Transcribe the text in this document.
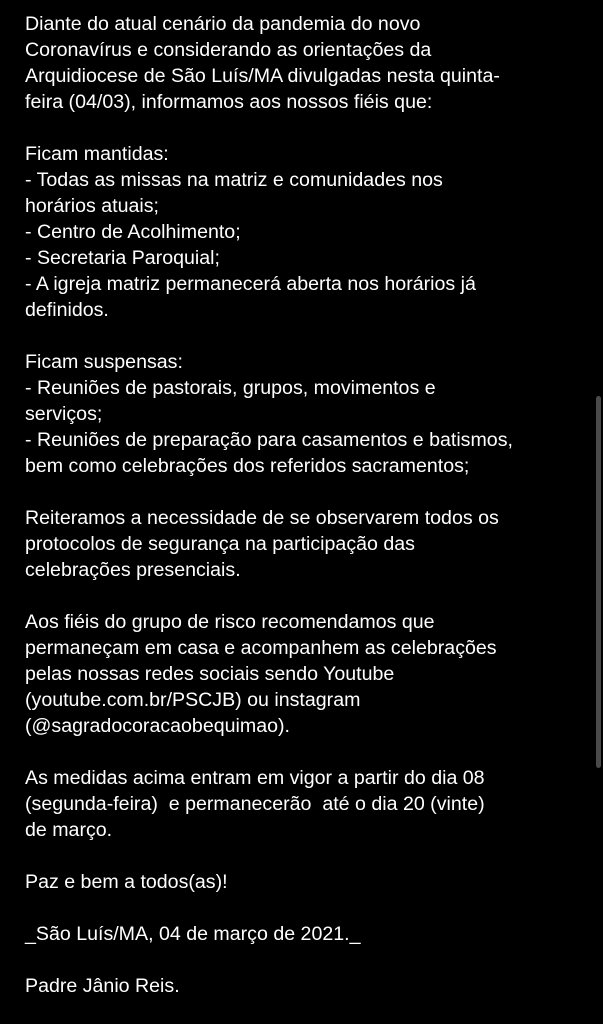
Diante do atual cenário da pandemia do novo
Coronavírus e considerando as orientações da
Arquidiocese de São Luís/MA divulgadas nesta quinta-
feira (04/03), informamos aos nossos fiéis que:
Ficam mantidas:
- Todas as missas na matriz e comunidades nos
horários atuais;
- Centro de Acolhimento;
- Secretaria Paroquial;
- A igreja matriz permanecerá aberta nos horários já
definidos.
Ficam suspensas:
- Reuniões de pastorais, grupos, movimentos e
serviços;
- Reuniões de preparação para casamentos e batismos,
bem como celebrações dos referidos sacramentos;
Reiteramos a necessidade de se observarem todos os
protocolos de segurança na participação das
celebrações presenciais.
Aos fiéis do grupo de risco recomendamos que
permaneçam em casa e acompanhem as celebrações
pelas nossas redes sociais sendo Youtube
(youtube.com.br/PSCJB) ou instagram
(@sagradocoracaobequimao).
As medidas acima entram em vigor a partir do dia 08
(segunda-feira)  e permanecerão  até o dia 20 (vinte)
de março.
Paz e bem a todos(as)!
_São Luís/MA, 04 de março de 2021._
Padre Jânio Reis.
